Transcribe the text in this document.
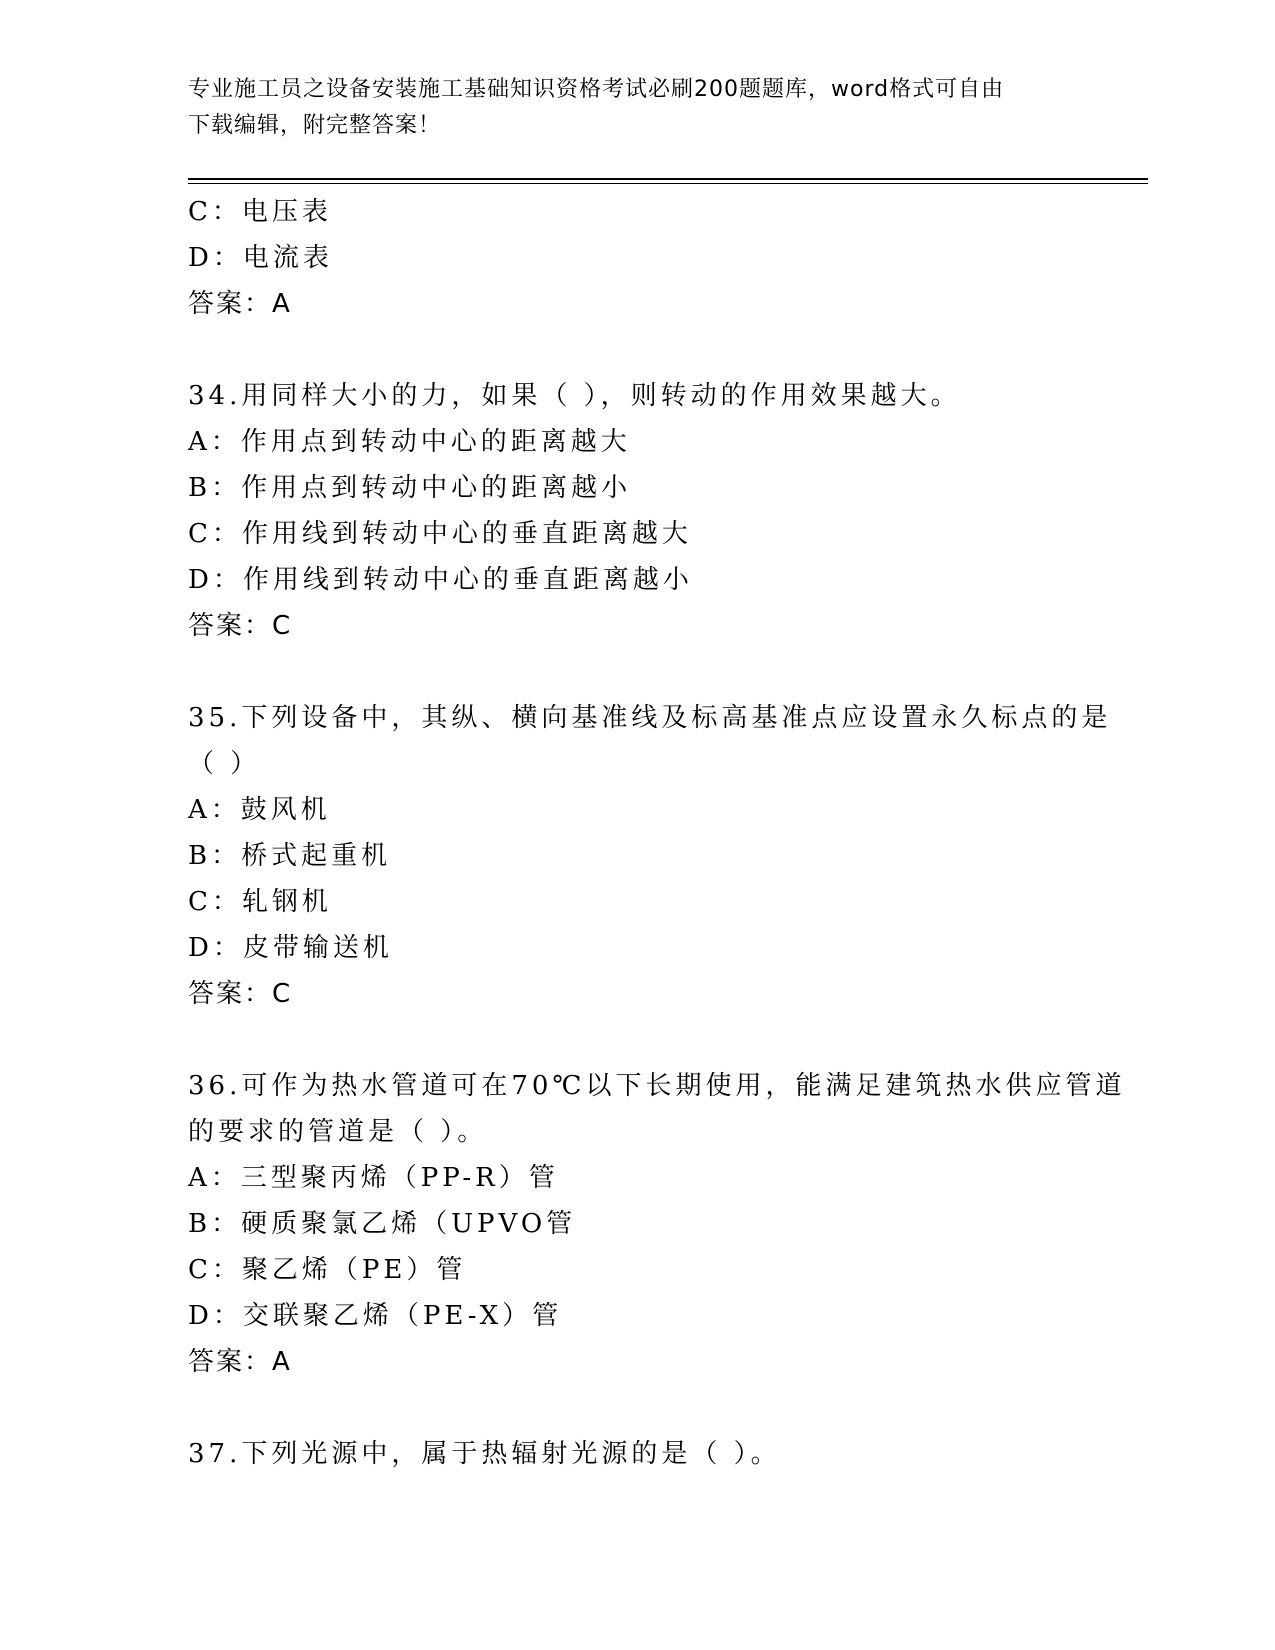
专业施工员之设备安装施工基础知识资格考试必刷200题题库，word格式可自由
下载编辑，附完整答案！
C：电压表
D：电流表
答案：A
34.用同样大小的力，如果（ ），则转动的作用效果越大。
A：作用点到转动中心的距离越大
B：作用点到转动中心的距离越小
C：作用线到转动中心的垂直距离越大
D：作用线到转动中心的垂直距离越小
答案：C
35.下列设备中，其纵、横向基准线及标高基准点应设置永久标点的是
（ ）
A：鼓风机
B：桥式起重机
C：轧钢机
D：皮带输送机
答案：C
36.可作为热水管道可在70℃以下长期使用，能满足建筑热水供应管道
的要求的管道是（ ）。
A：三型聚丙烯（PP-R）管
B：硬质聚氯乙烯（UPVO管
C：聚乙烯（PE）管
D：交联聚乙烯（PE-X）管
答案：A
37.下列光源中，属于热辐射光源的是（ ）。
